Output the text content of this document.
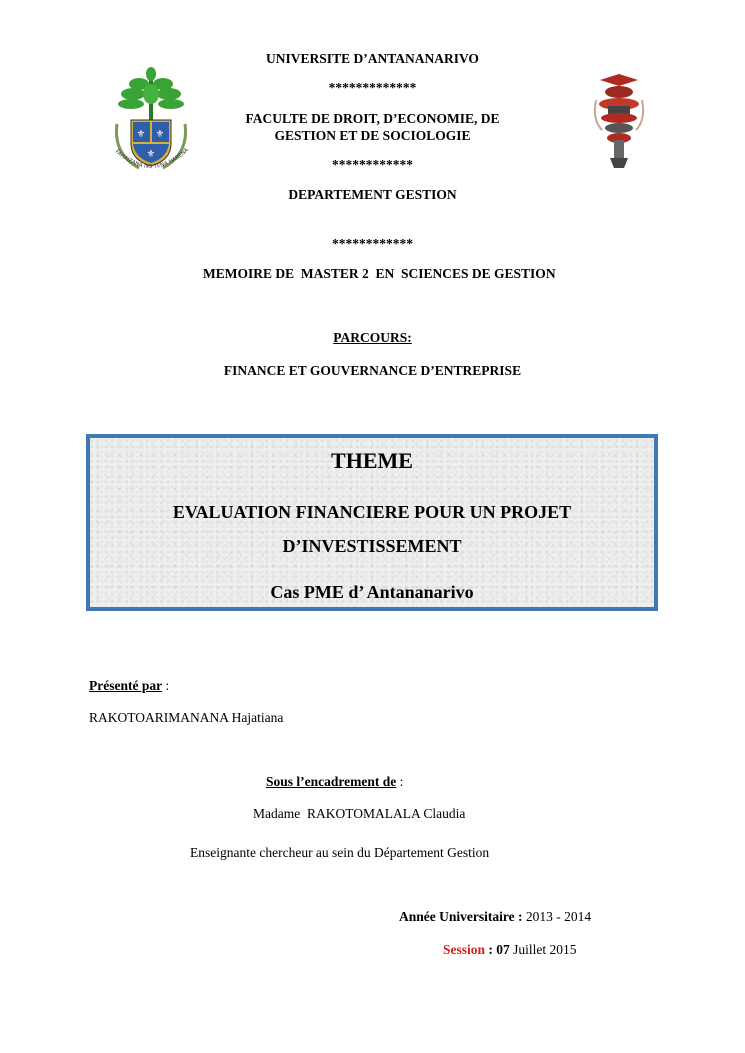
⚜ ⚜
⚜
FAHAIZANA NO TENA HARENA
UNIVERSITE D’ANTANANARIVO
*************
FACULTE DE DROIT, D’ECONOMIE, DE
GESTION ET DE SOCIOLOGIE
************
DEPARTEMENT GESTION
************
MEMOIRE DE  MASTER 2  EN  SCIENCES DE GESTION
PARCOURS:
FINANCE ET GOUVERNANCE D’ENTREPRISE
THEME
EVALUATION FINANCIERE POUR UN PROJET
D’INVESTISSEMENT
Cas PME d’ Antananarivo
Présenté par :
RAKOTOARIMANANA Hajatiana
Sous l’encadrement de :
Madame  RAKOTOMALALA Claudia
Enseignante chercheur au sein du Département Gestion
Année Universitaire : 2013 - 2014
Session : 07 Juillet 2015
